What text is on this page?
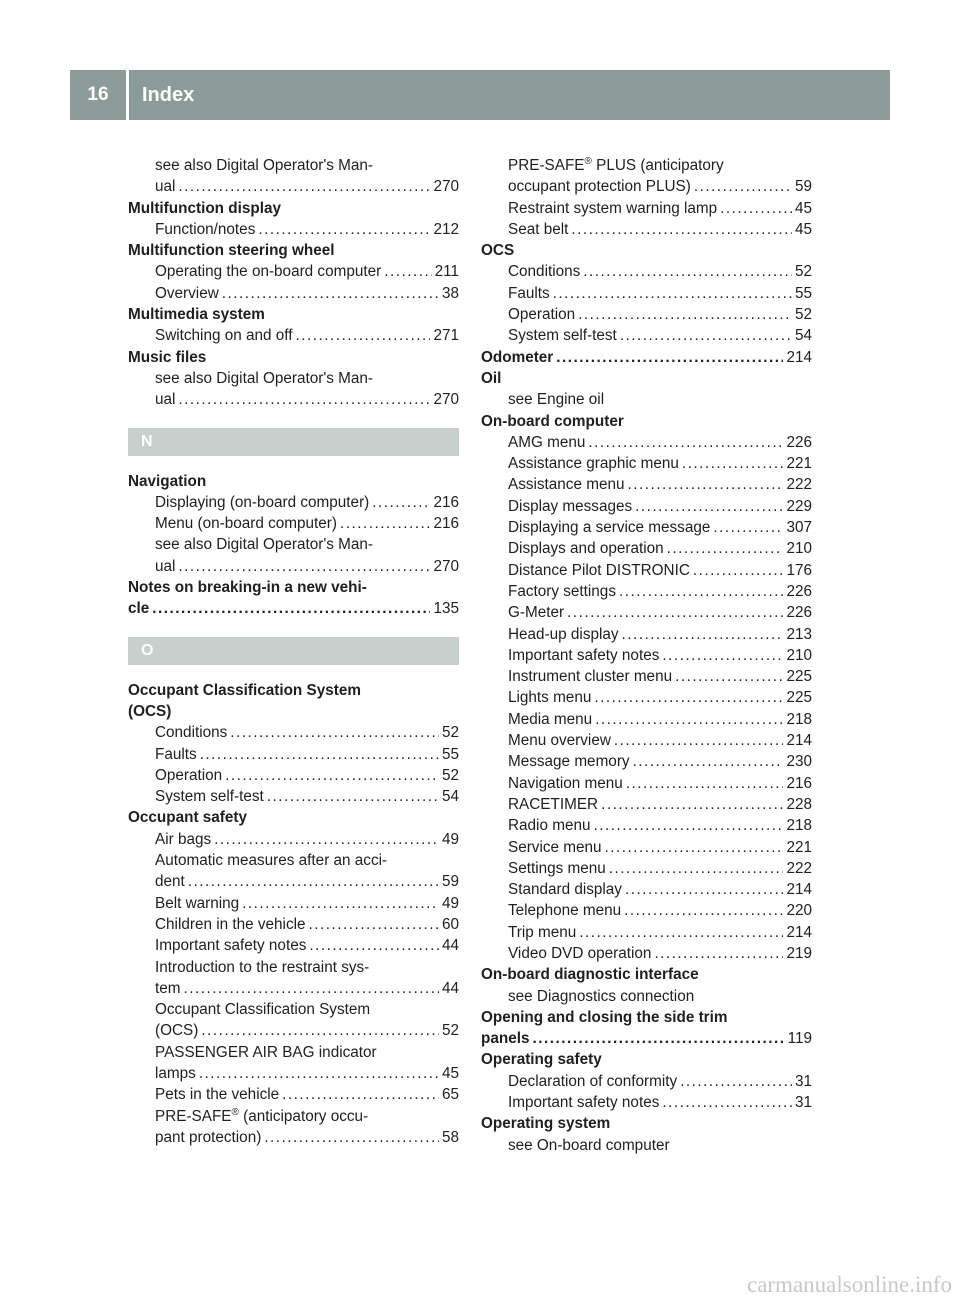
16	Index
see also Digital Operator's Man-
ual .....	270
Multifunction display
Function/notes .....	212
Multifunction steering wheel
Operating the on-board computer .....	211
Overview .....	38
Multimedia system
Switching on and off .....	271
Music files
see also Digital Operator's Man-
ual .....	270
N
Navigation
Displaying (on-board computer) .....	216
Menu (on-board computer) .....	216
see also Digital Operator's Man-
ual .....	270
Notes on breaking-in a new vehi-
cle .....	135
O
Occupant Classification System
(OCS)
Conditions .....	52
Faults .....	55
Operation .....	52
System self-test .....	54
Occupant safety
Air bags .....	49
Automatic measures after an acci-
dent .....	59
Belt warning .....	49
Children in the vehicle .....	60
Important safety notes .....	44
Introduction to the restraint sys-
tem .....	44
Occupant Classification System
(OCS) .....	52
PASSENGER AIR BAG indicator
lamps .....	45
Pets in the vehicle .....	65
PRE-SAFE® (anticipatory occu-
pant protection) .....	58
PRE-SAFE® PLUS (anticipatory
occupant protection PLUS) .....	59
Restraint system warning lamp .....	45
Seat belt .....	45
OCS
Conditions .....	52
Faults .....	55
Operation .....	52
System self-test .....	54
Odometer .....	214
Oil
see Engine oil
On-board computer
AMG menu .....	226
Assistance graphic menu .....	221
Assistance menu .....	222
Display messages .....	229
Displaying a service message .....	307
Displays and operation .....	210
Distance Pilot DISTRONIC .....	176
Factory settings .....	226
G-Meter .....	226
Head-up display .....	213
Important safety notes .....	210
Instrument cluster menu .....	225
Lights menu .....	225
Media menu .....	218
Menu overview .....	214
Message memory .....	230
Navigation menu .....	216
RACETIMER .....	228
Radio menu .....	218
Service menu .....	221
Settings menu .....	222
Standard display .....	214
Telephone menu .....	220
Trip menu .....	214
Video DVD operation .....	219
On-board diagnostic interface
see Diagnostics connection
Opening and closing the side trim
panels .....	119
Operating safety
Declaration of conformity .....	31
Important safety notes .....	31
Operating system
see On-board computer
carmanualsonline.info
